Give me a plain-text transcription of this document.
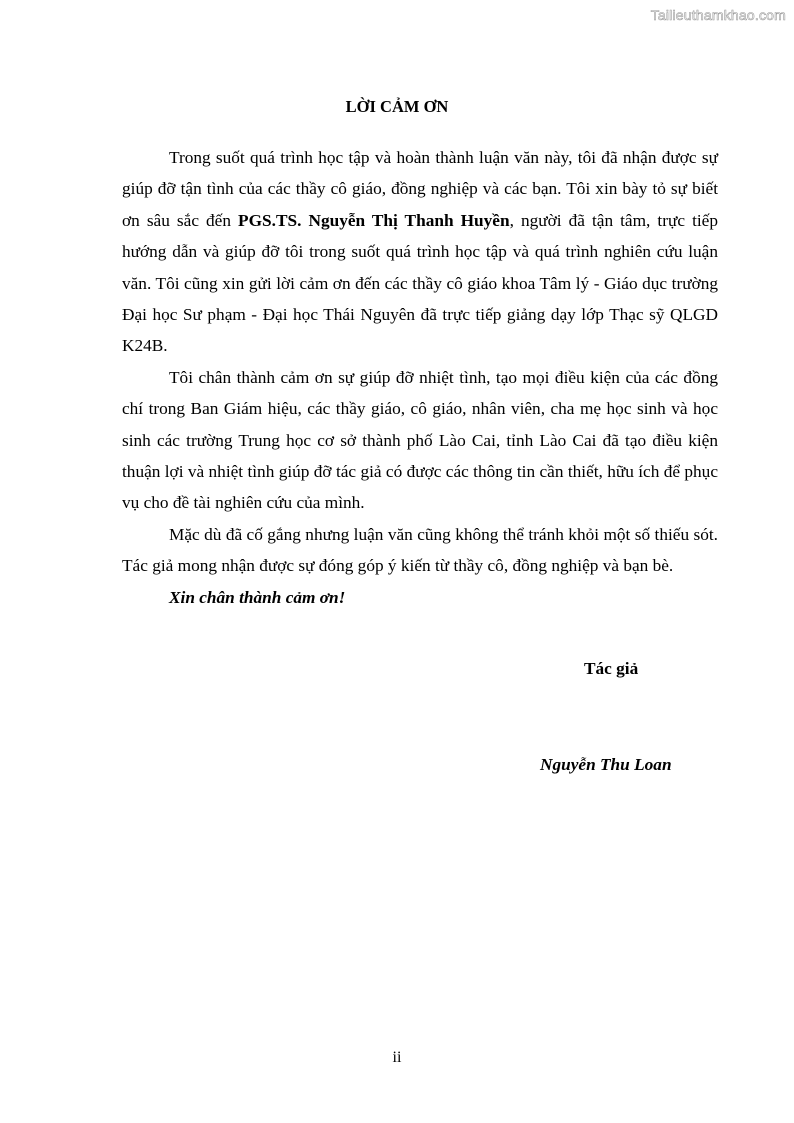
Tailieuthamkhao.com
LỜI CẢM ƠN

Trong suốt quá trình học tập và hoàn thành luận văn này, tôi đã nhận được sự giúp đỡ tận tình của các thầy cô giáo, đồng nghiệp và các bạn. Tôi xin bày tỏ sự biết ơn sâu sắc đến PGS.TS. Nguyễn Thị Thanh Huyền, người đã tận tâm, trực tiếp hướng dẫn và giúp đỡ tôi trong suốt quá trình học tập và quá trình nghiên cứu luận văn. Tôi cũng xin gửi lời cảm ơn đến các thầy cô giáo khoa Tâm lý - Giáo dục trường Đại học Sư phạm - Đại học Thái Nguyên đã trực tiếp giảng dạy lớp Thạc sỹ QLGD K24B.

Tôi chân thành cảm ơn sự giúp đỡ nhiệt tình, tạo mọi điều kiện của các đồng chí trong Ban Giám hiệu, các thầy giáo, cô giáo, nhân viên, cha mẹ học sinh và học sinh các trường Trung học cơ sở thành phố Lào Cai, tỉnh Lào Cai đã tạo điều kiện thuận lợi và nhiệt tình giúp đỡ tác giả có được các thông tin cần thiết, hữu ích để phục vụ cho đề tài nghiên cứu của mình.

Mặc dù đã cố gắng nhưng luận văn cũng không thể tránh khỏi một số thiếu sót. Tác giả mong nhận được sự đóng góp ý kiến từ thầy cô, đồng nghiệp và bạn bè.

Xin chân thành cảm ơn!

Tác giả
Nguyễn Thu Loan
ii
